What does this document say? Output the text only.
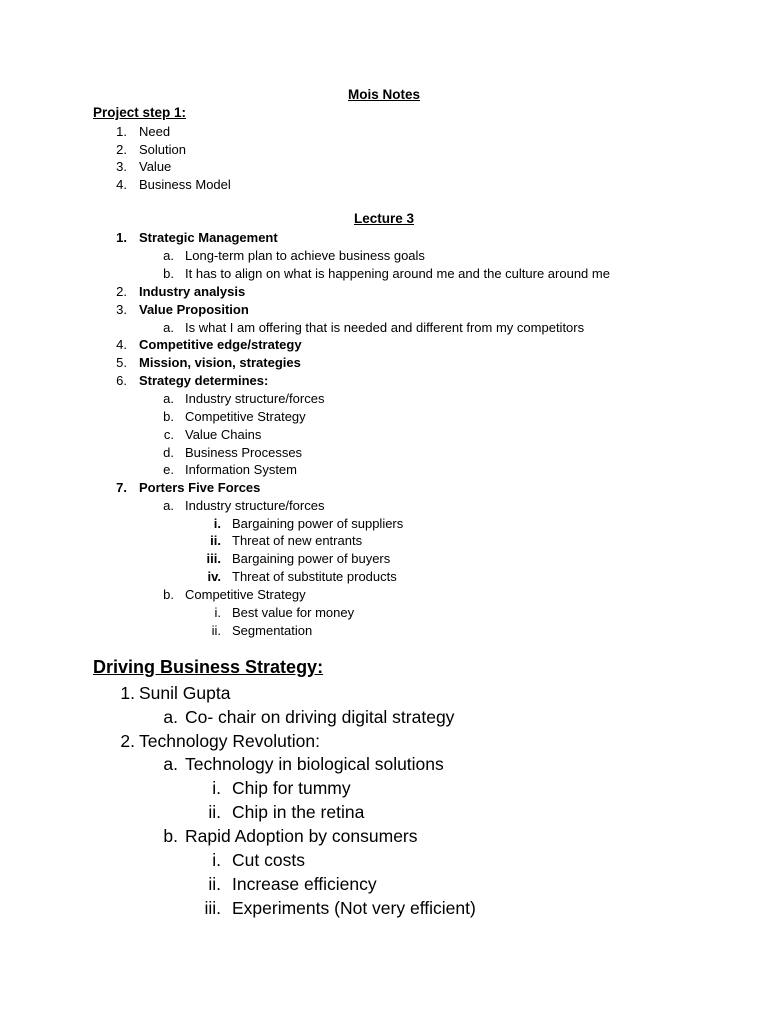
Mois Notes
Project step 1:
1. Need
2. Solution
3. Value
4. Business Model
Lecture 3
1. Strategic Management
a. Long-term plan to achieve business goals
b. It has to align on what is happening around me and the culture around me
2. Industry analysis
3. Value Proposition
a. Is what I am offering that is needed and different from my competitors
4. Competitive edge/strategy
5. Mission, vision, strategies
6. Strategy determines:
a. Industry structure/forces
b. Competitive Strategy
c. Value Chains
d. Business Processes
e. Information System
7. Porters Five Forces
a. Industry structure/forces
i. Bargaining power of suppliers
ii. Threat of new entrants
iii. Bargaining power of buyers
iv. Threat of substitute products
b. Competitive Strategy
i. Best value for money
ii. Segmentation
Driving Business Strategy:
1. Sunil Gupta
a. Co- chair on driving digital strategy
2. Technology Revolution:
a. Technology in biological solutions
i. Chip for tummy
ii. Chip in the retina
b. Rapid Adoption by consumers
i. Cut costs
ii. Increase efficiency
iii. Experiments (Not very efficient)
